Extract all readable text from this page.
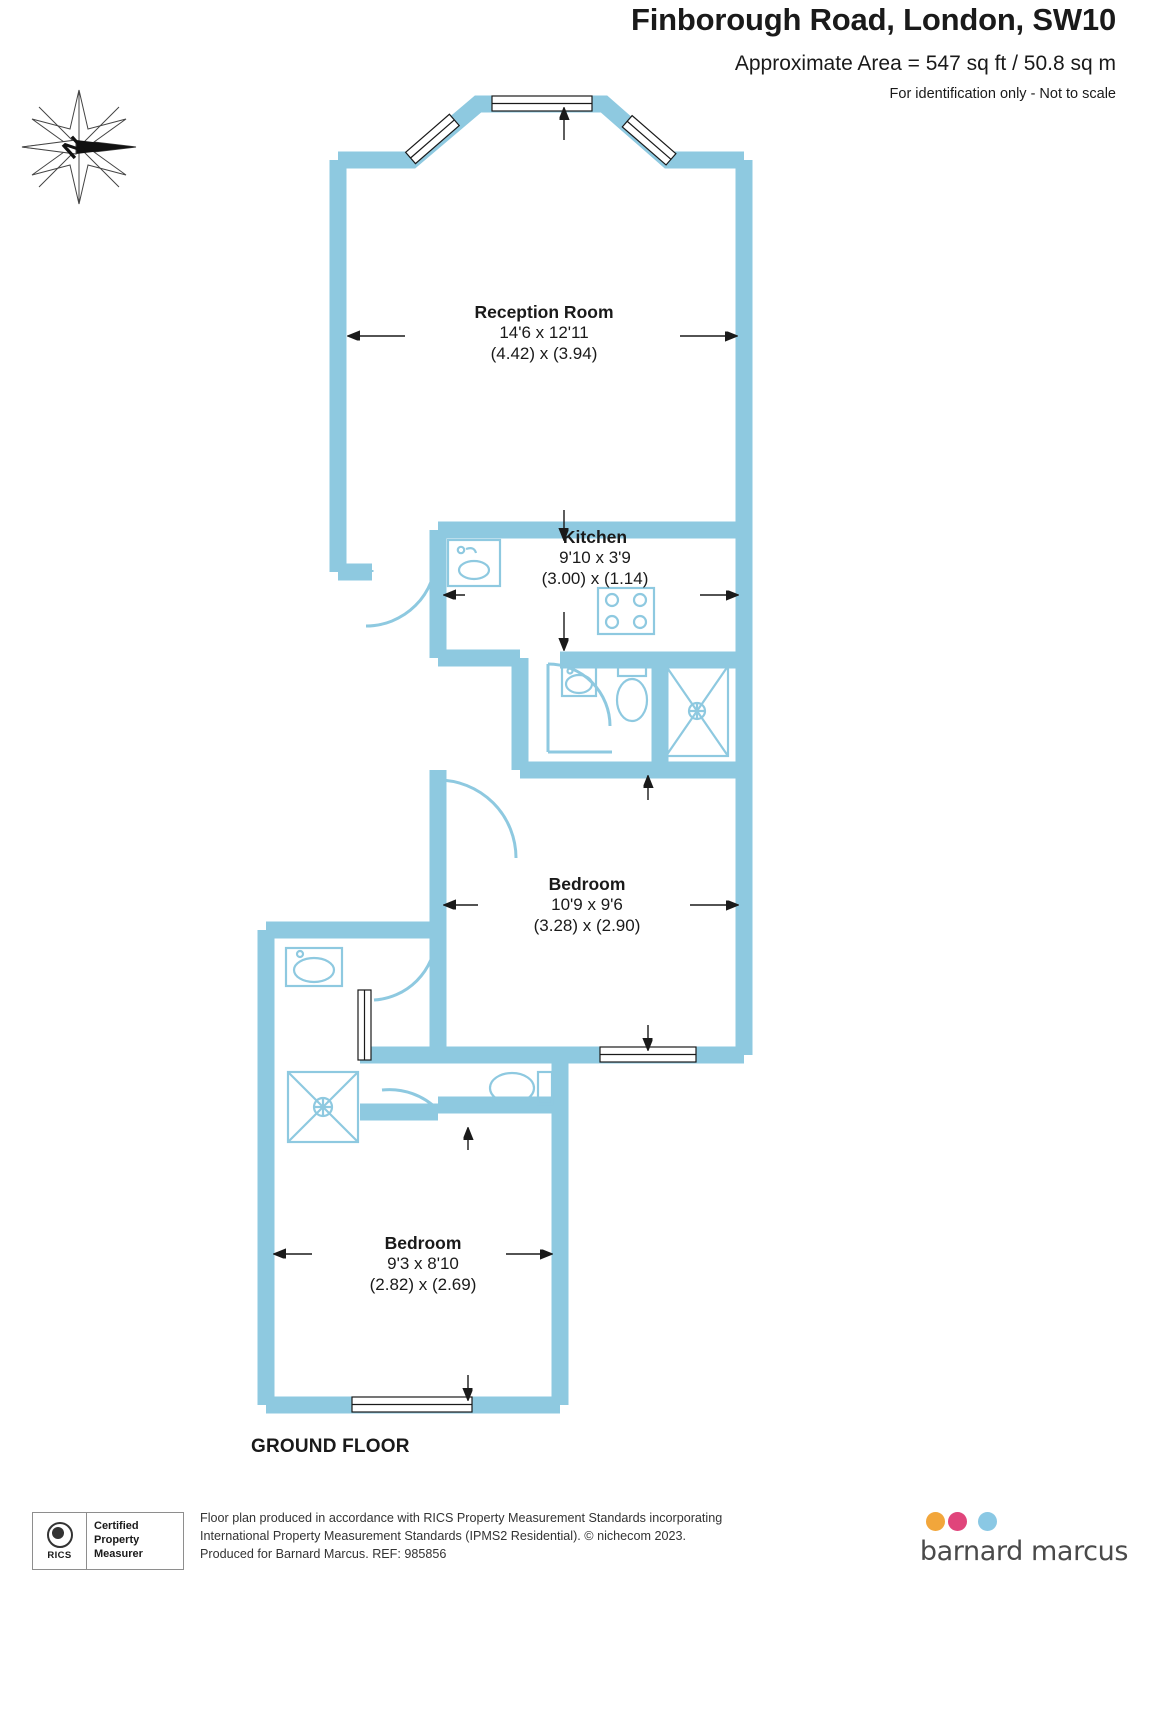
Finborough Road, London, SW10
Approximate Area = 547 sq ft / 50.8 sq m
For identification only - Not to scale
N
Reception Room
14'6 x 12'11
(4.42) x (3.94)
Kitchen
9'10 x 3'9
(3.00) x (1.14)
Bedroom
10'9 x 9'6
(3.28) x (2.90)
Bedroom
9'3 x 8'10
(2.82) x (2.69)
GROUND FLOOR
RICS
Certified
Property
Measurer
Floor plan produced in accordance with RICS Property Measurement Standards incorporating
International Property Measurement Standards (IPMS2 Residential). © nichecom 2023.
Produced for Barnard Marcus. REF: 985856	barnard marcus
